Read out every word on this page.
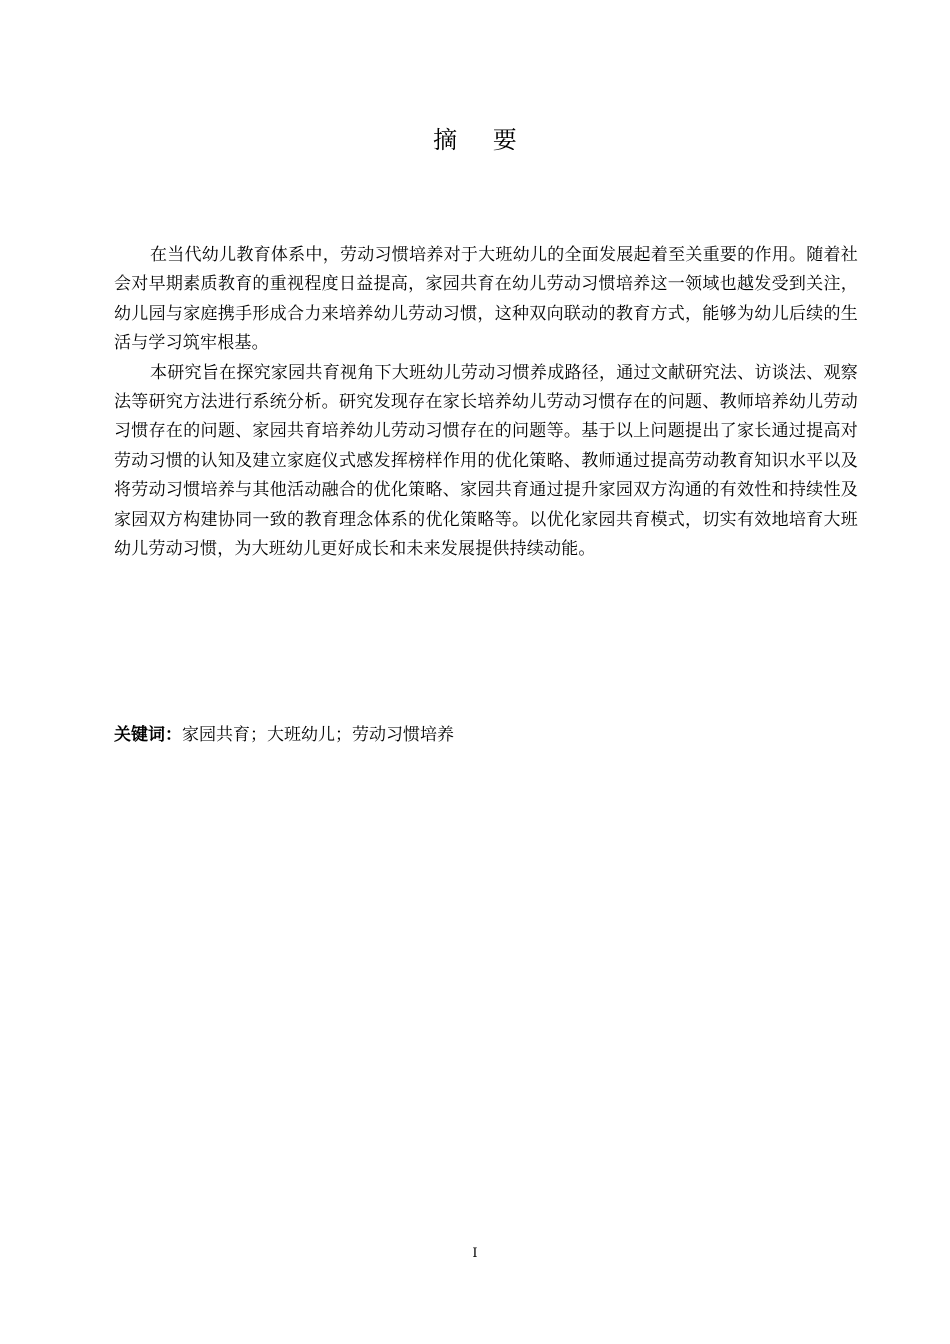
摘 要

在当代幼儿教育体系中，劳动习惯培养对于大班幼儿的全面发展起着至关重要的作用。随着社会对早期素质教育的重视程度日益提高，家园共育在幼儿劳动习惯培养这一领域也越发受到关注，幼儿园与家庭携手形成合力来培养幼儿劳动习惯，这种双向联动的教育方式，能够为幼儿后续的生活与学习筑牢根基。

本研究旨在探究家园共育视角下大班幼儿劳动习惯养成路径，通过文献研究法、访谈法、观察法等研究方法进行系统分析。研究发现存在家长培养幼儿劳动习惯存在的问题、教师培养幼儿劳动习惯存在的问题、家园共育培养幼儿劳动习惯存在的问题等。基于以上问题提出了家长通过提高对劳动习惯的认知及建立家庭仪式感发挥榜样作用的优化策略、教师通过提高劳动教育知识水平以及将劳动习惯培养与其他活动融合的优化策略、家园共育通过提升家园双方沟通的有效性和持续性及家园双方构建协同一致的教育理念体系的优化策略等。以优化家园共育模式，切实有效地培育大班幼儿劳动习惯，为大班幼儿更好成长和未来发展提供持续动能。

关键词：家园共育；大班幼儿；劳动习惯培养
I
